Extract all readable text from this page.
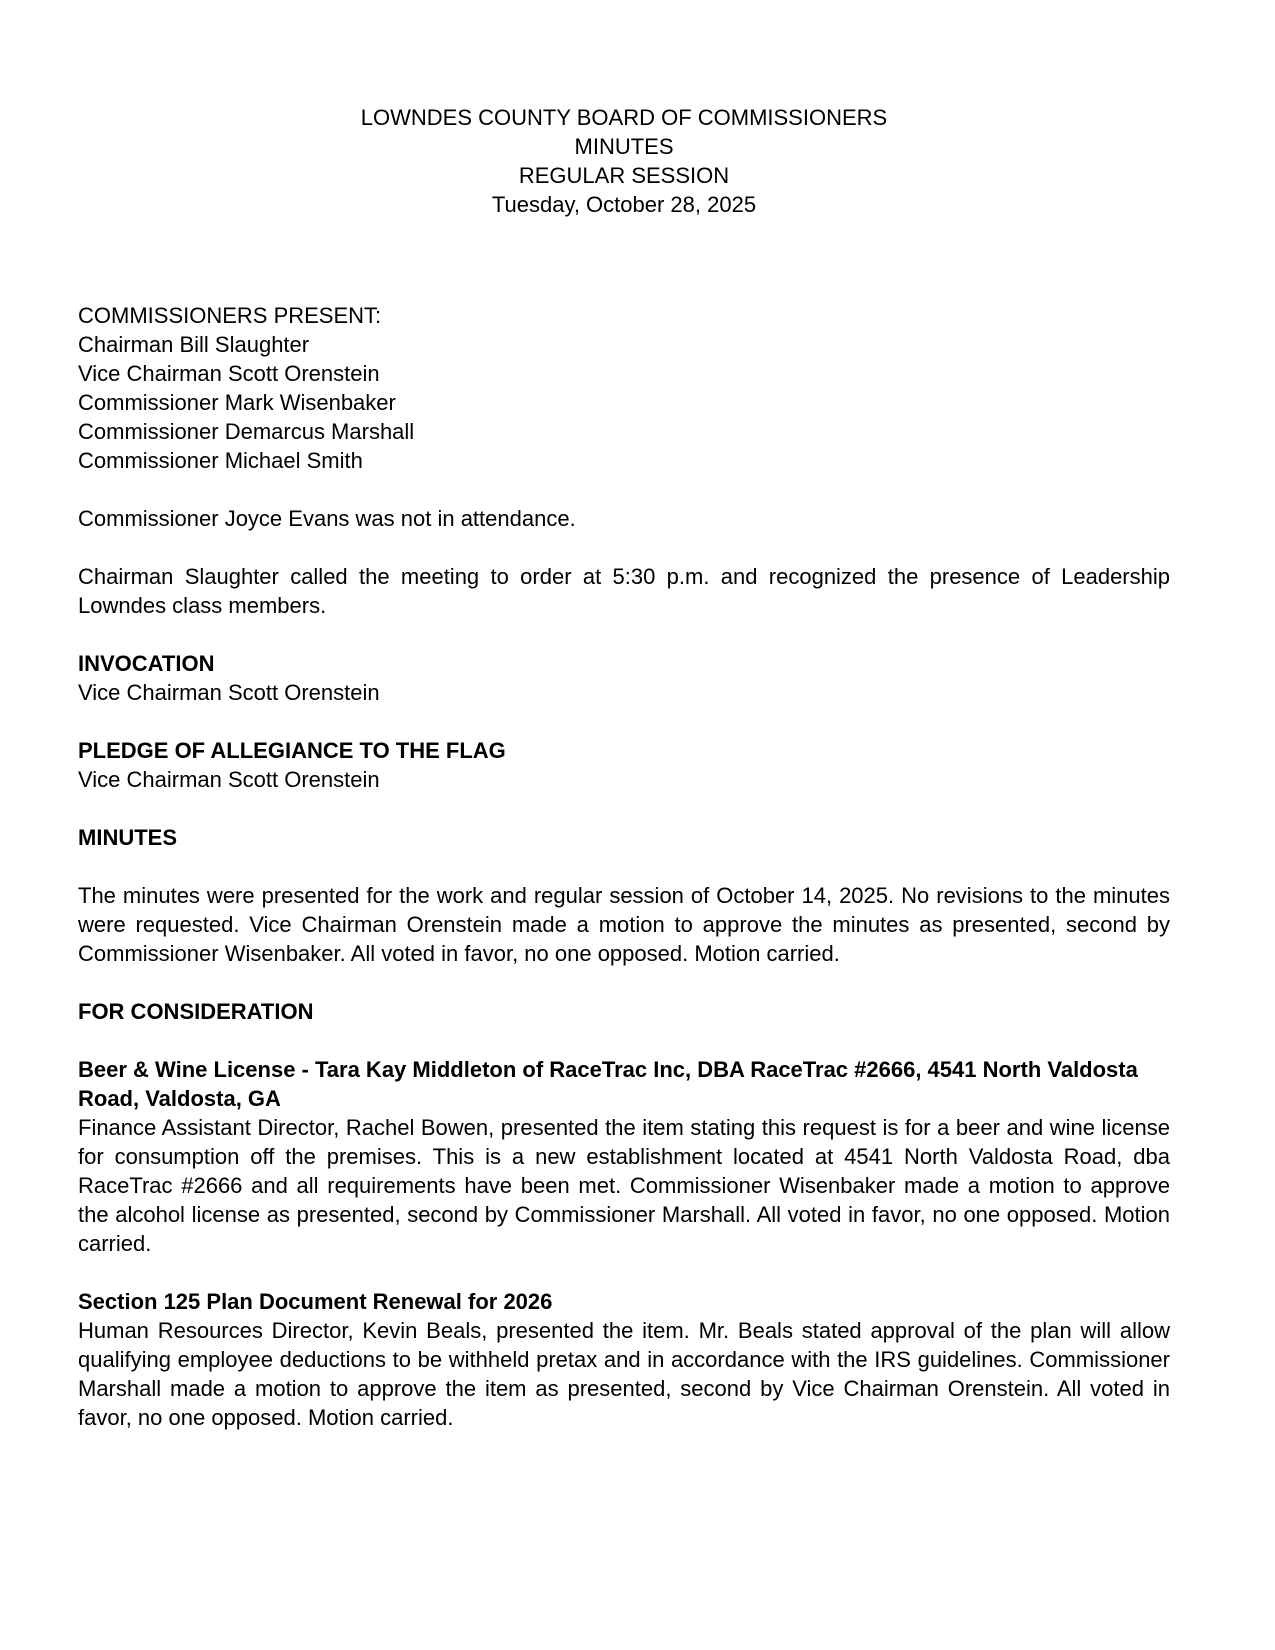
LOWNDES COUNTY BOARD OF COMMISSIONERS
MINUTES
REGULAR SESSION
Tuesday, October 28, 2025
COMMISSIONERS PRESENT:
Chairman Bill Slaughter
Vice Chairman Scott Orenstein
Commissioner Mark Wisenbaker
Commissioner Demarcus Marshall
Commissioner Michael Smith

Commissioner Joyce Evans was not in attendance.

Chairman Slaughter called the meeting to order at 5:30 p.m. and recognized the presence of Leadership Lowndes class members.

INVOCATION
Vice Chairman Scott Orenstein
PLEDGE OF ALLEGIANCE TO THE FLAG
Vice Chairman Scott Orenstein
MINUTES

The minutes were presented for the work and regular session of October 14, 2025. No revisions to the minutes were requested. Vice Chairman Orenstein made a motion to approve the minutes as presented, second by Commissioner Wisenbaker. All voted in favor, no one opposed. Motion carried.

FOR CONSIDERATION
Beer & Wine License - Tara Kay Middleton of RaceTrac Inc, DBA RaceTrac #2666, 4541 North Valdosta Road, Valdosta, GA

Finance Assistant Director, Rachel Bowen, presented the item stating this request is for a beer and wine license for consumption off the premises. This is a new establishment located at 4541 North Valdosta Road, dba RaceTrac #2666 and all requirements have been met. Commissioner Wisenbaker made a motion to approve the alcohol license as presented, second by Commissioner Marshall. All voted in favor, no one opposed. Motion carried.

Section 125 Plan Document Renewal for 2026

Human Resources Director, Kevin Beals, presented the item. Mr. Beals stated approval of the plan will allow qualifying employee deductions to be withheld pretax and in accordance with the IRS guidelines. Commissioner Marshall made a motion to approve the item as presented, second by Vice Chairman Orenstein. All voted in favor, no one opposed. Motion carried.
